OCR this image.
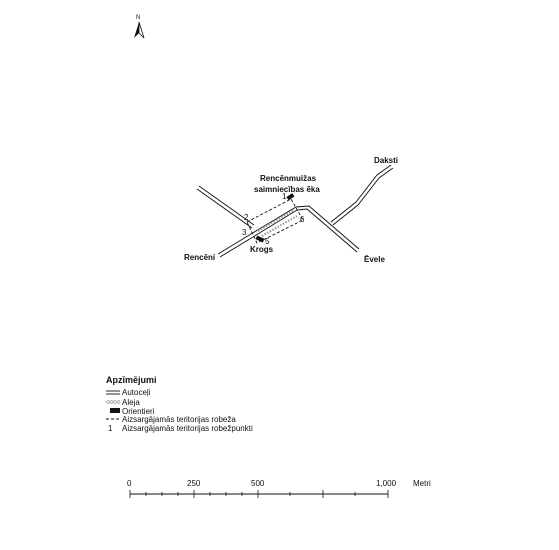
N
1
2
3
5
6
Daksti
Ēvele
Rencēni
Krogs
Rencēnmuižas
saimniecības ēka
Apzīmējumi
Autoceļi
Aleja
Orientieri
Aizsargājamās teritorijas robeža
1 Aizsargājamās teritorijas robežpunkti
0	250	500	1,000 Metri
